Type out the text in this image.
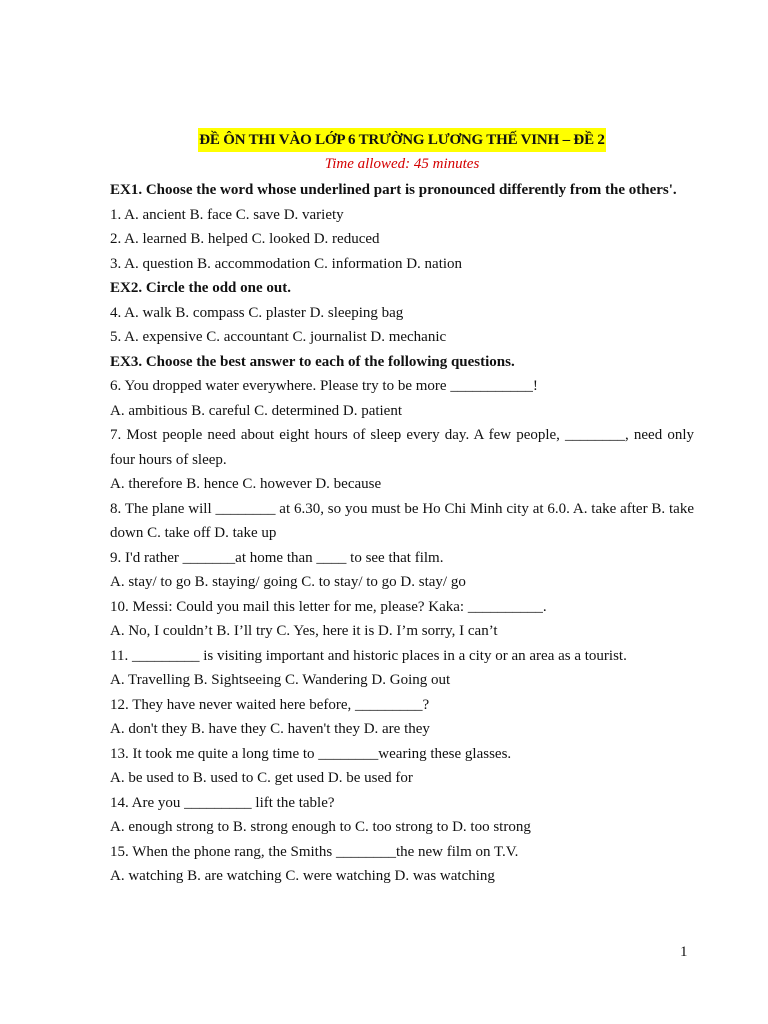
ĐỀ ÔN THI VÀO LỚP 6 TRƯỜNG LƯƠNG THẾ VINH – ĐỀ 2
Time allowed: 45 minutes
EX1. Choose the word whose underlined part is pronounced differently from the others'.
1. A. ancient B. face C. save D. variety
2. A. learned B. helped C. looked D. reduced
3. A. question B. accommodation C. information D. nation
EX2. Circle the odd one out.
4. A. walk B. compass C. plaster D. sleeping bag
5. A. expensive C. accountant C. journalist D. mechanic
EX3. Choose the best answer to each of the following questions.
6. You dropped water everywhere. Please try to be more ___________!
A. ambitious B. careful C. determined D. patient
7. Most people need about eight hours of sleep every day. A few people, ________, need only four hours of sleep.
A. therefore B. hence C. however D. because
8. The plane will ________ at 6.30, so you must be Ho Chi Minh city at 6.0. A. take after B. take down C. take off D. take up
9. I'd rather _______at home than ____ to see that film.
A. stay/ to go B. staying/ going C. to stay/ to go D. stay/ go
10. Messi: Could you mail this letter for me, please? Kaka: __________.
A. No, I couldn’t B. I’ll try C. Yes, here it is D. I’m sorry, I can’t
11. _________ is visiting important and historic places in a city or an area as a tourist.
A. Travelling B. Sightseeing C. Wandering D. Going out
12. They have never waited here before, _________?
A. don't they B. have they C. haven't they D. are they
13. It took me quite a long time to ________wearing these glasses.
A. be used to B. used to C. get used D. be used for
14. Are you _________ lift the table?
A. enough strong to B. strong enough to C. too strong to D. too strong
15. When the phone rang, the Smiths ________the new film on T.V.
A. watching B. are watching C. were watching D. was watching
1
